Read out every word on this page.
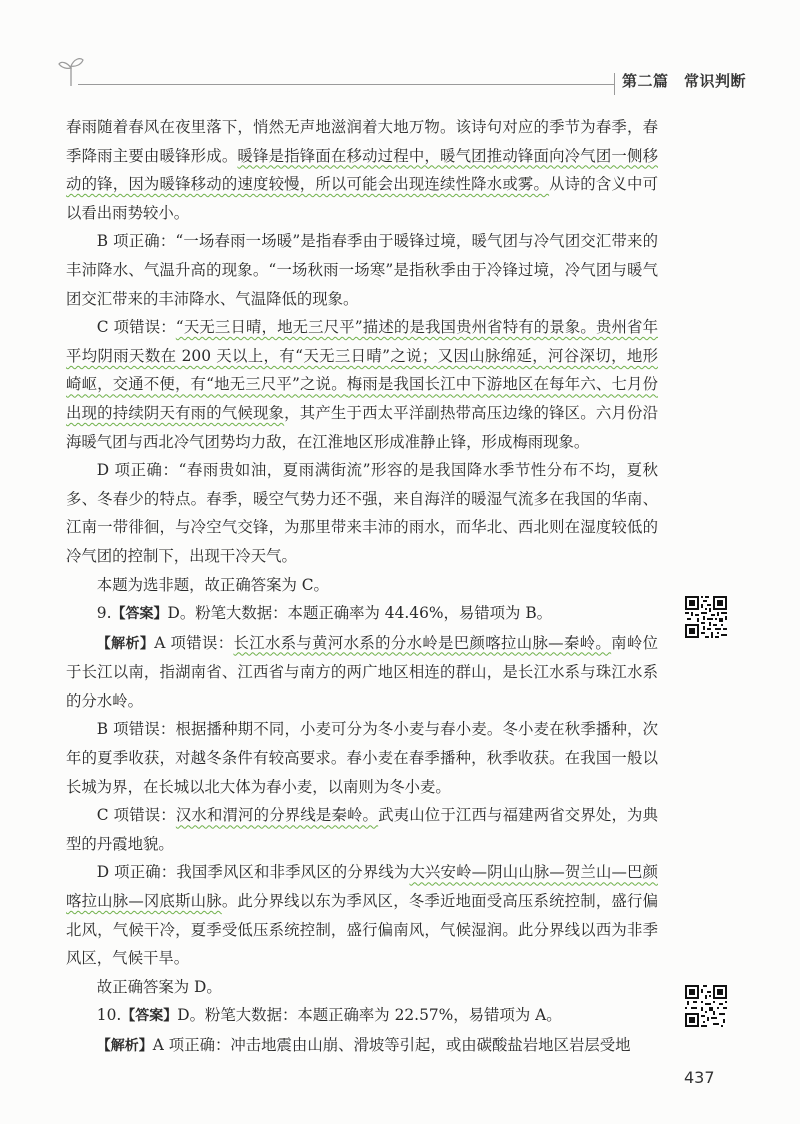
第二篇　常识判断

春雨随着春风在夜里落下，悄然无声地滋润着大地万物。该诗句对应的季节为春季，春季降雨主要由暖锋形成。暖锋是指锋面在移动过程中，暖气团推动锋面向冷气团一侧移动的锋，因为暖锋移动的速度较慢，所以可能会出现连续性降水或雾。从诗的含义中可以看出雨势较小。

B 项正确：“一场春雨一场暖”是指春季由于暖锋过境，暖气团与冷气团交汇带来的丰沛降水、气温升高的现象。“一场秋雨一场寒”是指秋季由于冷锋过境，冷气团与暖气团交汇带来的丰沛降水、气温降低的现象。

C 项错误：“天无三日晴，地无三尺平”描述的是我国贵州省特有的景象。贵州省年平均阴雨天数在 200 天以上，有“天无三日晴”之说；又因山脉绵延，河谷深切，地形崎岖，交通不便，有“地无三尺平”之说。梅雨是我国长江中下游地区在每年六、七月份出现的持续阴天有雨的气候现象，其产生于西太平洋副热带高压边缘的锋区。六月份沿海暖气团与西北冷气团势均力敌，在江淮地区形成准静止锋，形成梅雨现象。

D 项正确：“春雨贵如油，夏雨满街流”形容的是我国降水季节性分布不均，夏秋多、冬春少的特点。春季，暖空气势力还不强，来自海洋的暖湿气流多在我国的华南、江南一带徘徊，与冷空气交锋，为那里带来丰沛的雨水，而华北、西北则在湿度较低的冷气团的控制下，出现干冷天气。

本题为选非题，故正确答案为 C。

9.【答案】D。粉笔大数据：本题正确率为 44.46%，易错项为 B。

【解析】A 项错误：长江水系与黄河水系的分水岭是巴颜喀拉山脉—秦岭。南岭位于长江以南，指湖南省、江西省与南方的两广地区相连的群山，是长江水系与珠江水系的分水岭。

B 项错误：根据播种期不同，小麦可分为冬小麦与春小麦。冬小麦在秋季播种，次年的夏季收获，对越冬条件有较高要求。春小麦在春季播种，秋季收获。在我国一般以长城为界，在长城以北大体为春小麦，以南则为冬小麦。

C 项错误：汉水和渭河的分界线是秦岭。武夷山位于江西与福建两省交界处，为典型的丹霞地貌。

D 项正确：我国季风区和非季风区的分界线为大兴安岭—阴山山脉—贺兰山—巴颜喀拉山脉—冈底斯山脉。此分界线以东为季风区，冬季近地面受高压系统控制，盛行偏北风，气候干冷，夏季受低压系统控制，盛行偏南风，气候湿润。此分界线以西为非季风区，气候干旱。

故正确答案为 D。

10.【答案】D。粉笔大数据：本题正确率为 22.57%，易错项为 A。

【解析】A 项正确：冲击地震由山崩、滑坡等引起，或由碳酸盐岩地区岩层受地

437
